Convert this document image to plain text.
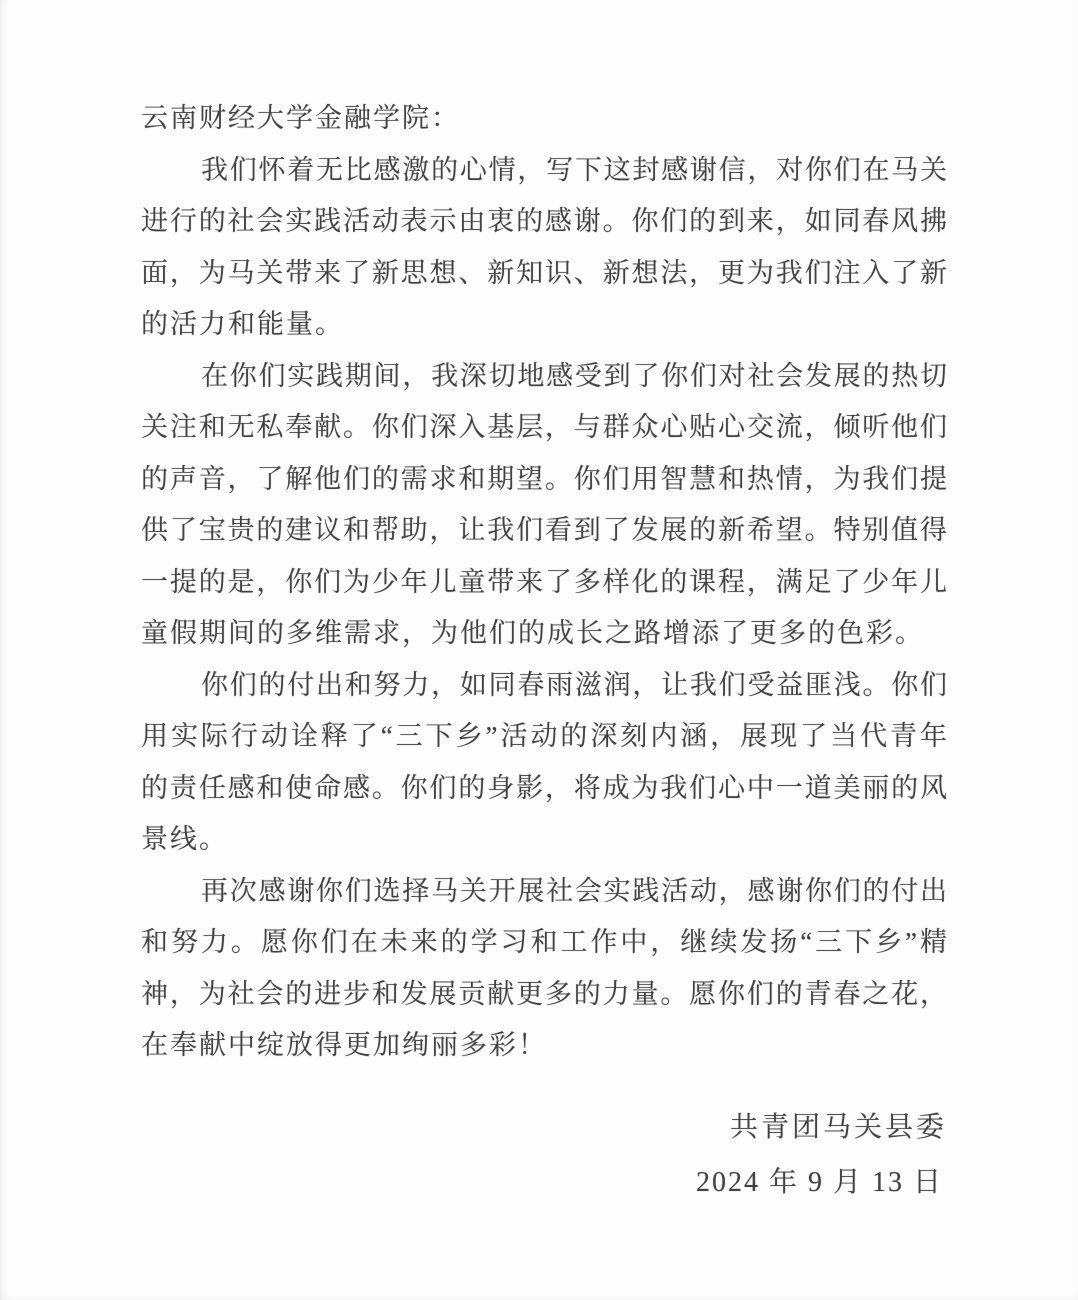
云南财经大学金融学院：
我们怀着无比感激的心情，写下这封感谢信，对你们在马关
进行的社会实践活动表示由衷的感谢。你们的到来，如同春风拂
面，为马关带来了新思想、新知识、新想法，更为我们注入了新
的活力和能量。
在你们实践期间，我深切地感受到了你们对社会发展的热切
关注和无私奉献。你们深入基层，与群众心贴心交流，倾听他们
的声音，了解他们的需求和期望。你们用智慧和热情，为我们提
供了宝贵的建议和帮助，让我们看到了发展的新希望。特别值得
一提的是，你们为少年儿童带来了多样化的课程，满足了少年儿
童假期间的多维需求，为他们的成长之路增添了更多的色彩。
你们的付出和努力，如同春雨滋润，让我们受益匪浅。你们
用实际行动诠释了“三下乡”活动的深刻内涵，展现了当代青年
的责任感和使命感。你们的身影，将成为我们心中一道美丽的风
景线。
再次感谢你们选择马关开展社会实践活动，感谢你们的付出
和努力。愿你们在未来的学习和工作中，继续发扬“三下乡”精
神，为社会的进步和发展贡献更多的力量。愿你们的青春之花，
在奉献中绽放得更加绚丽多彩！
共青团马关县委
2024 年 9 月 13 日
